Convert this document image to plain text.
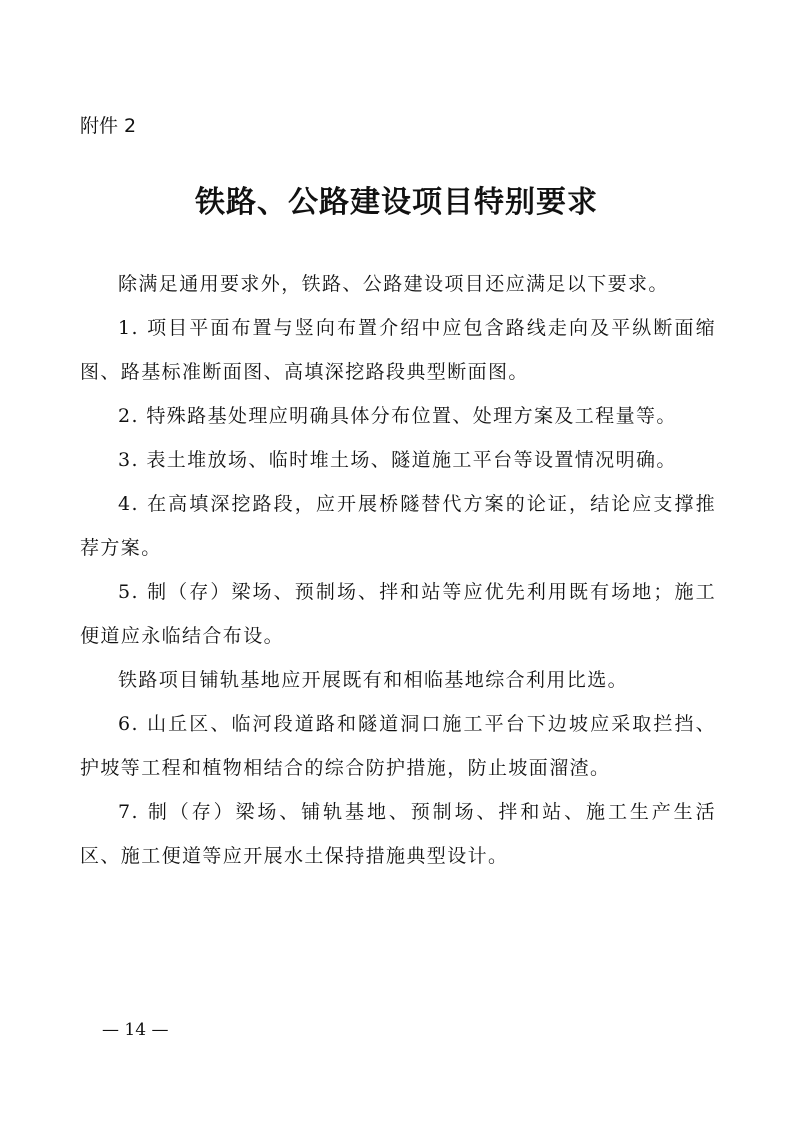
附件 2
铁路、公路建设项目特别要求

除满足通用要求外，铁路、公路建设项目还应满足以下要求。

1. 项目平面布置与竖向布置介绍中应包含路线走向及平纵断面缩图、路基标准断面图、高填深挖路段典型断面图。

2. 特殊路基处理应明确具体分布位置、处理方案及工程量等。

3. 表土堆放场、临时堆土场、隧道施工平台等设置情况明确。

4. 在高填深挖路段，应开展桥隧替代方案的论证，结论应支撑推荐方案。

5. 制（存）梁场、预制场、拌和站等应优先利用既有场地；施工便道应永临结合布设。

铁路项目铺轨基地应开展既有和相临基地综合利用比选。

6. 山丘区、临河段道路和隧道洞口施工平台下边坡应采取拦挡、护坡等工程和植物相结合的综合防护措施，防止坡面溜渣。

7. 制（存）梁场、铺轨基地、预制场、拌和站、施工生产生活区、施工便道等应开展水土保持措施典型设计。

— 14 —
